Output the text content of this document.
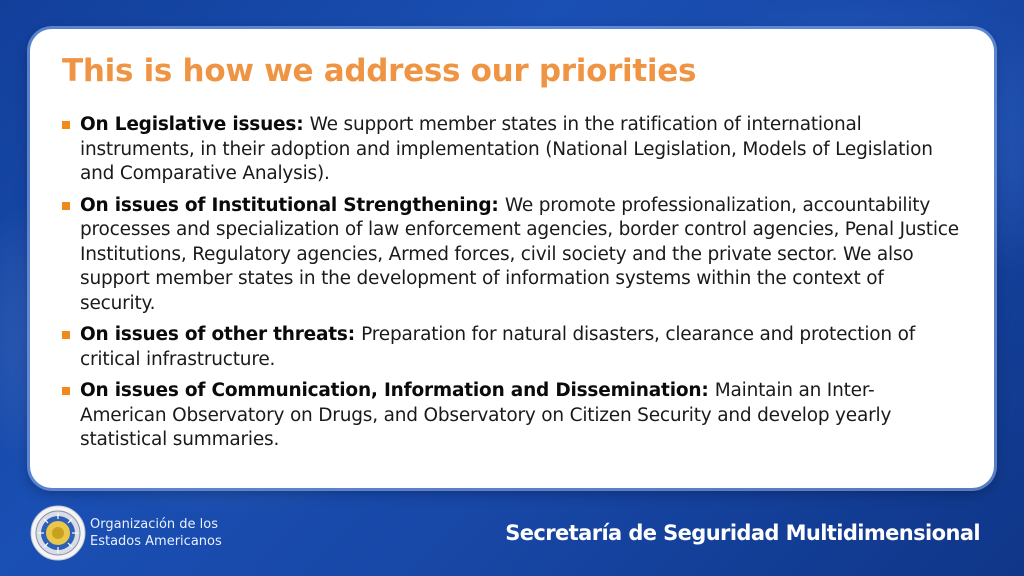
This is how we address our priorities
On Legislative issues: We support member states in the ratification of international instruments, in their adoption and implementation (National Legislation, Models of Legislation and Comparative Analysis).
On issues of Institutional Strengthening: We promote professionalization, accountability processes and specialization of law enforcement agencies, border control agencies, Penal Justice Institutions, Regulatory agencies, Armed forces, civil society and the private sector. We also support member states in the development of information systems within the context of security.
On issues of other threats: Preparation for natural disasters, clearance and protection of critical infrastructure.
On issues of Communication, Information and Dissemination: Maintain an Inter-American Observatory on Drugs, and Observatory on Citizen Security and develop yearly statistical summaries.
Organización de los
Estados Americanos	Secretaría de Seguridad Multidimensional
